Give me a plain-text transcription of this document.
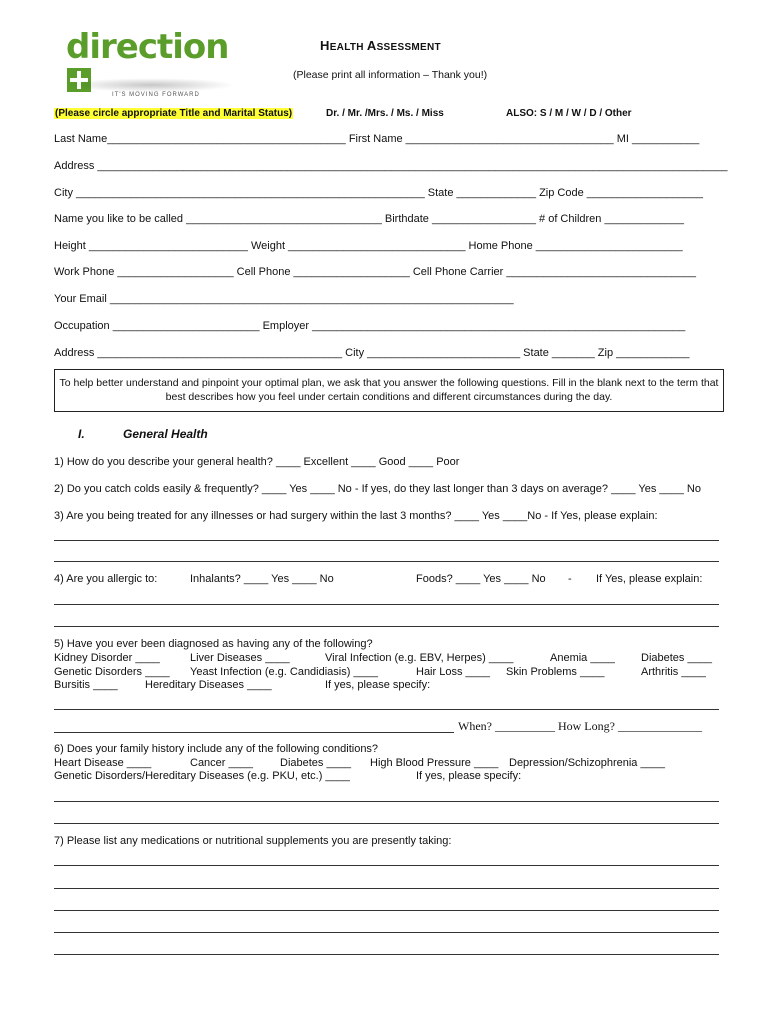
direction
IT'S MOVING FORWARD
HEALTH ASSESSMENT
(Please print all information – Thank you!)
(Please circle appropriate Title and Marital Status)	Dr. / Mr. /Mrs. / Ms. / Miss	ALSO: S / M / W / D / Other
Last Name_______________________________________ First Name __________________________________ MI ___________
Address _______________________________________________________________________________________________________
City _________________________________________________________ State _____________ Zip Code ___________________
Name you like to be called ________________________________ Birthdate _________________ # of Children _____________
Height __________________________ Weight _____________________________ Home Phone ________________________
Work Phone ___________________ Cell Phone ___________________ Cell Phone Carrier _______________________________
Your Email __________________________________________________________________
Occupation ________________________ Employer _____________________________________________________________
Address ________________________________________ City _________________________ State _______ Zip ____________
To help better understand and pinpoint your optimal plan, we ask that you answer the following questions. Fill in the blank next to the term that best describes how you feel under certain conditions and different circumstances during the day.
I.	General Health
1) How do you describe your general health? ____ Excellent ____ Good ____ Poor
2) Do you catch colds easily & frequently? ____ Yes ____ No - If yes, do they last longer than 3 days on average? ____ Yes ____ No
3) Are you being treated for any illnesses or had surgery within the last 3 months? ____ Yes ____No - If Yes, please explain:
4) Are you allergic to:	Inhalants? ____ Yes ____ No	Foods? ____ Yes ____ No - If Yes, please explain:
5) Have you ever been diagnosed as having any of the following?
Kidney Disorder ____	Liver Diseases ____	Viral Infection (e.g. EBV, Herpes) ____	Anemia ____ Diabetes ____
Genetic Disorders ____ Yeast Infection (e.g. Candidiasis) ____	Hair Loss ____ Skin Problems ____	Arthritis ____
Bursitis ____ Hereditary Diseases ____	If yes, please specify:
When? __________ How Long? ______________
6) Does your family history include any of the following conditions?
Heart Disease ____	Cancer ____ Diabetes ____ High Blood Pressure ____ Depression/Schizophrenia ____
Genetic Disorders/Hereditary Diseases (e.g. PKU, etc.) ____	If yes, please specify:
7) Please list any medications or nutritional supplements you are presently taking:
